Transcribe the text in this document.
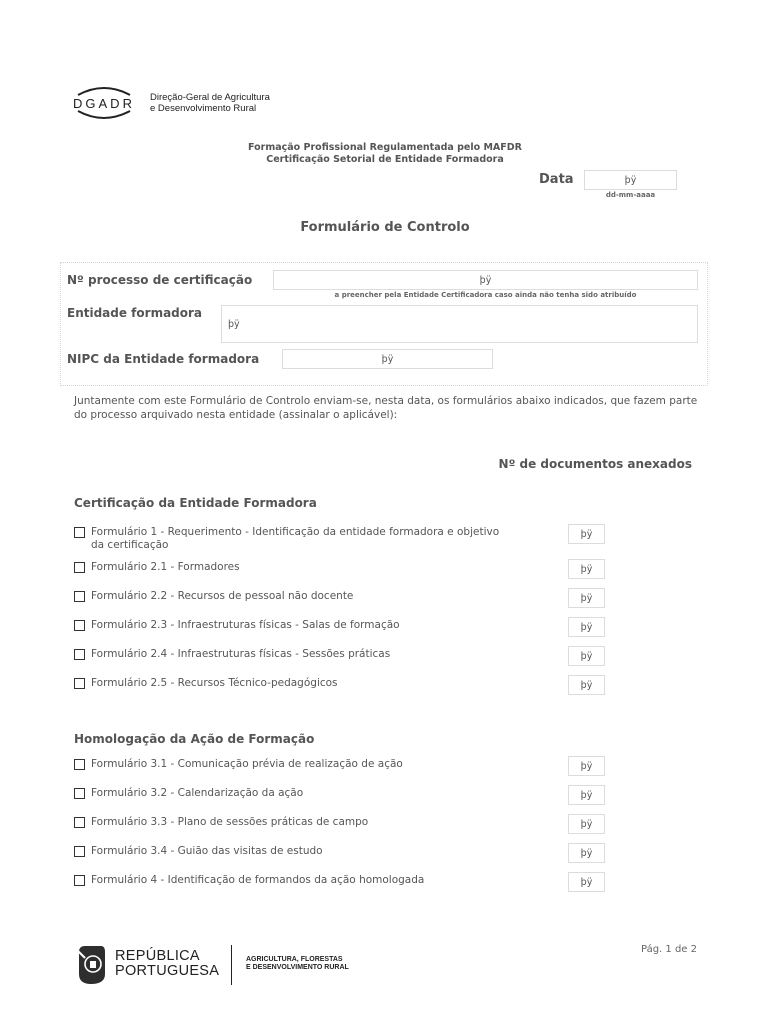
DGADR Direção-Geral de Agricultura
e Desenvolvimento Rural
Formação Profissional Regulamentada pelo MAFDR
Certificação Setorial de Entidade Formadora
Data	þÿ
dd-mm-aaaa
Formulário de Controlo
Nº processo de certificação	þÿ
a preencher pela Entidade Certificadora caso ainda não tenha sido atribuído
Entidade formadora
þÿ
NIPC da Entidade formadora	þÿ
Juntamente com este Formulário de Controlo enviam-se, nesta data, os formulários abaixo indicados, que fazem parte do processo arquivado nesta entidade (assinalar o aplicável):
Nº de documentos anexados
Certificação da Entidade Formadora
Formulário 1 - Requerimento - Identificação da entidade formadora e objetivo da certificação
þÿ
Formulário 2.1 - Formadores	þÿ
Formulário 2.2 - Recursos de pessoal não docente	þÿ
Formulário 2.3 - Infraestruturas físicas - Salas de formação	þÿ
Formulário 2.4 - Infraestruturas físicas - Sessões práticas	þÿ
Formulário 2.5 - Recursos Técnico-pedagógicos	þÿ
Homologação da Ação de Formação
Formulário 3.1 - Comunicação prévia de realização de ação	þÿ
Formulário 3.2 - Calendarização da ação	þÿ
Formulário 3.3 - Plano de sessões práticas de campo	þÿ
Formulário 3.4 - Guião das visitas de estudo	þÿ
Formulário 4 - Identificação de formandos da ação homologada	þÿ
Pág. 1 de 2
REPÚBLICA
PORTUGUESA
AGRICULTURA, FLORESTAS
E DESENVOLVIMENTO RURAL
